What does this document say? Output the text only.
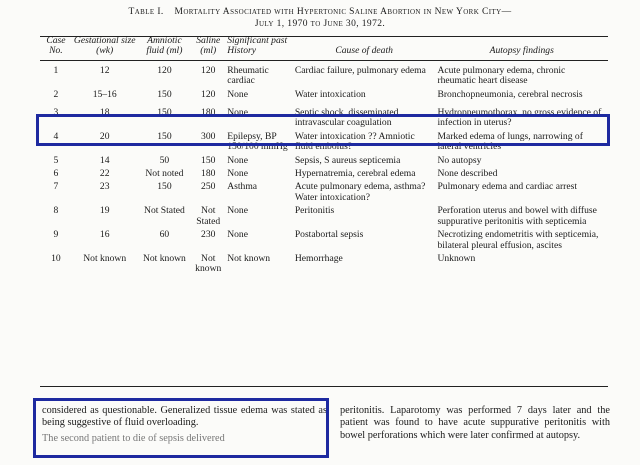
Table I. Mortality Associated with Hypertonic Saline Abortion in New York City—
July 1, 1970 to June 30, 1972.
Case No.	Gestational size (wk)	Amniotic fluid (ml)	Saline (ml)	Significant past History	Cause of death	Autopsy findings
1	12	120	120	Rheumatic cardiac	Cardiac failure, pulmonary edema	Acute pulmonary edema, chronic rheumatic heart disease
2	15–16	150	120	None	Water intoxication	Bronchopneumonia, cerebral necrosis
3	18	150	180	None	Septic shock, disseminated intravascular coagulation	Hydropneumothorax, no gross evidence of infection in uterus?
4	20	150	300	Epilepsy, BP 150/100 mmHg	Water intoxication ?? Amniotic fluid embolus?	Marked edema of lungs, narrowing of lateral ventricles
5	14	50	150	None	Sepsis, S aureus septicemia	No autopsy
6	22	Not noted	180	None	Hypernatremia, cerebral edema	None described
7	23	150	250	Asthma	Acute pulmonary edema, asthma? Water intoxication?	Pulmonary edema and cardiac arrest
8	19	Not Stated	Not Stated	None	Peritonitis	Perforation uterus and bowel with diffuse suppurative peritonitis with septicemia
9	16	60	230	None	Postabortal sepsis	Necrotizing endometritis with septicemia, bilateral pleural effusion, ascites
10	Not known	Not known	Not known	Not known	Hemorrhage	Unknown
considered as questionable. Generalized tissue edema was stated as being suggestive of fluid overloading.
The second patient to die of sepsis delivered
peritonitis. Laparotomy was performed 7 days later and the patient was found to have acute suppurative peritonitis with bowel perforations which were later confirmed at autopsy.
